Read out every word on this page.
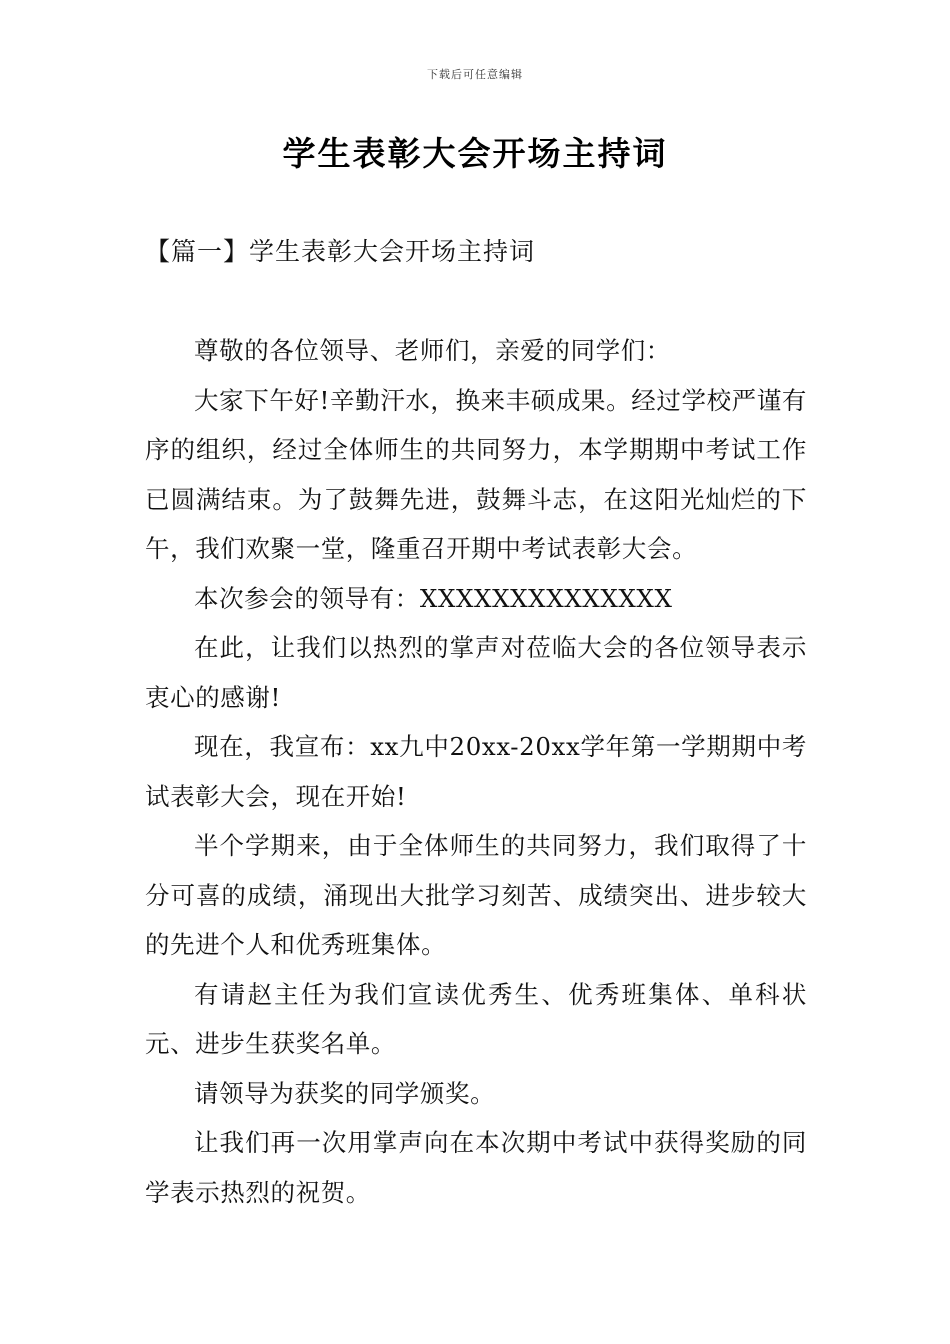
下载后可任意编辑
学生表彰大会开场主持词
【篇一】学生表彰大会开场主持词

尊敬的各位领导、老师们，亲爱的同学们：

大家下午好!辛勤汗水，换来丰硕成果。经过学校严谨有序的组织，经过全体师生的共同努力，本学期期中考试工作已圆满结束。为了鼓舞先进，鼓舞斗志，在这阳光灿烂的下午，我们欢聚一堂，隆重召开期中考试表彰大会。

本次参会的领导有：XXXXXXXXXXXXXX

在此，让我们以热烈的掌声对莅临大会的各位领导表示衷心的感谢!

现在，我宣布：xx九中20xx-20xx学年第一学期期中考试表彰大会，现在开始!

半个学期来，由于全体师生的共同努力，我们取得了十分可喜的成绩，涌现出大批学习刻苦、成绩突出、进步较大的先进个人和优秀班集体。

有请赵主任为我们宣读优秀生、优秀班集体、单科状元、进步生获奖名单。

请领导为获奖的同学颁奖。

让我们再一次用掌声向在本次期中考试中获得奖励的同学表示热烈的祝贺。
